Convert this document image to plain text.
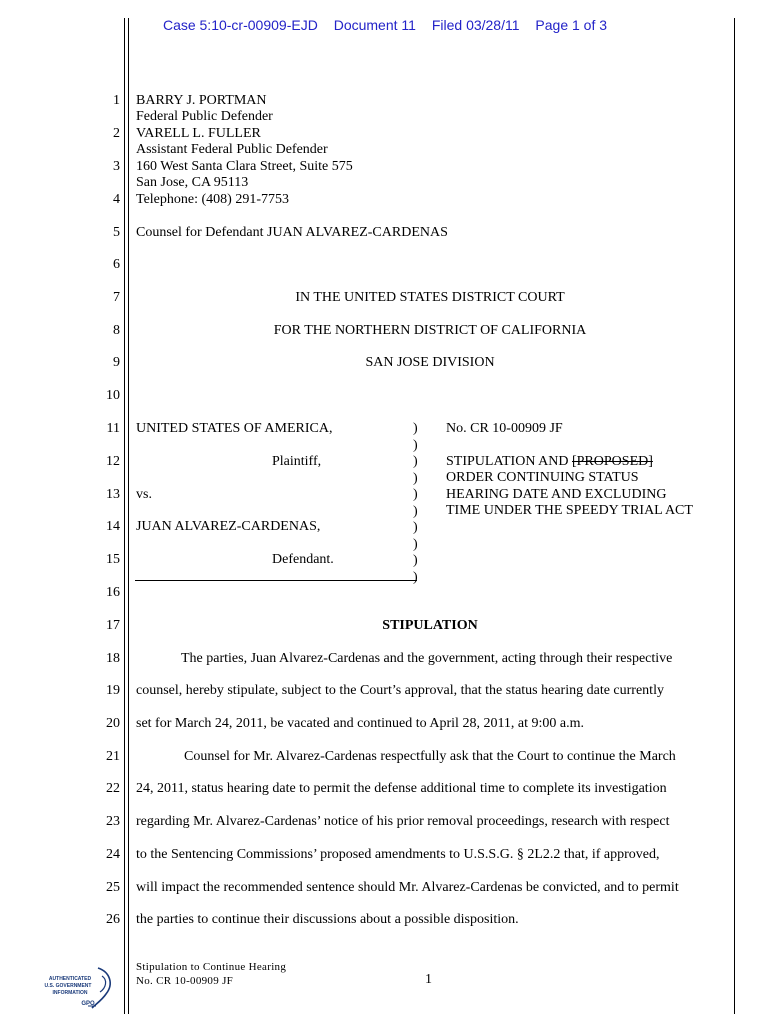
Case 5:10-cr-00909-EJD Document 11 Filed 03/28/11 Page 1 of 3
1
2
3
4
5
6
7
8
9
10
11
12
13
14
15
16
17
18
19
20
21
22
23
24
25
26
BARRY J. PORTMAN
Federal Public Defender
VARELL L. FULLER
Assistant Federal Public Defender
160 West Santa Clara Street, Suite 575
San Jose, CA 95113
Telephone: (408) 291-7753
Counsel for Defendant JUAN ALVAREZ-CARDENAS
IN THE UNITED STATES DISTRICT COURT
FOR THE NORTHERN DISTRICT OF CALIFORNIA
SAN JOSE DIVISION
UNITED STATES OF AMERICA,
Plaintiff,
vs.
JUAN ALVAREZ-CARDENAS,
Defendant.
)
)
)
)
)
)
)
)
)
)
No. CR 10-00909 JF
STIPULATION AND [PROPOSED]
ORDER CONTINUING STATUS
HEARING DATE AND EXCLUDING
TIME UNDER THE SPEEDY TRIAL ACT
STIPULATION
The parties, Juan Alvarez-Cardenas and the government, acting through their respective
counsel, hereby stipulate, subject to the Court’s approval, that the status hearing date currently
set for March 24, 2011, be vacated and continued to April 28, 2011, at 9:00 a.m.
Counsel for Mr. Alvarez-Cardenas respectfully ask that the Court to continue the March
24, 2011, status hearing date to permit the defense additional time to complete its investigation
regarding Mr. Alvarez-Cardenas’ notice of his prior removal proceedings, research with respect
to the Sentencing Commissions’ proposed amendments to U.S.S.G. § 2L2.2 that, if approved,
will impact the recommended sentence should Mr. Alvarez-Cardenas be convicted, and to permit
the parties to continue their discussions about a possible disposition.
Stipulation to Continue Hearing
No. CR 10-00909 JF	1
AUTHENTICATED
U.S. GOVERNMENT
INFORMATION
GPO
